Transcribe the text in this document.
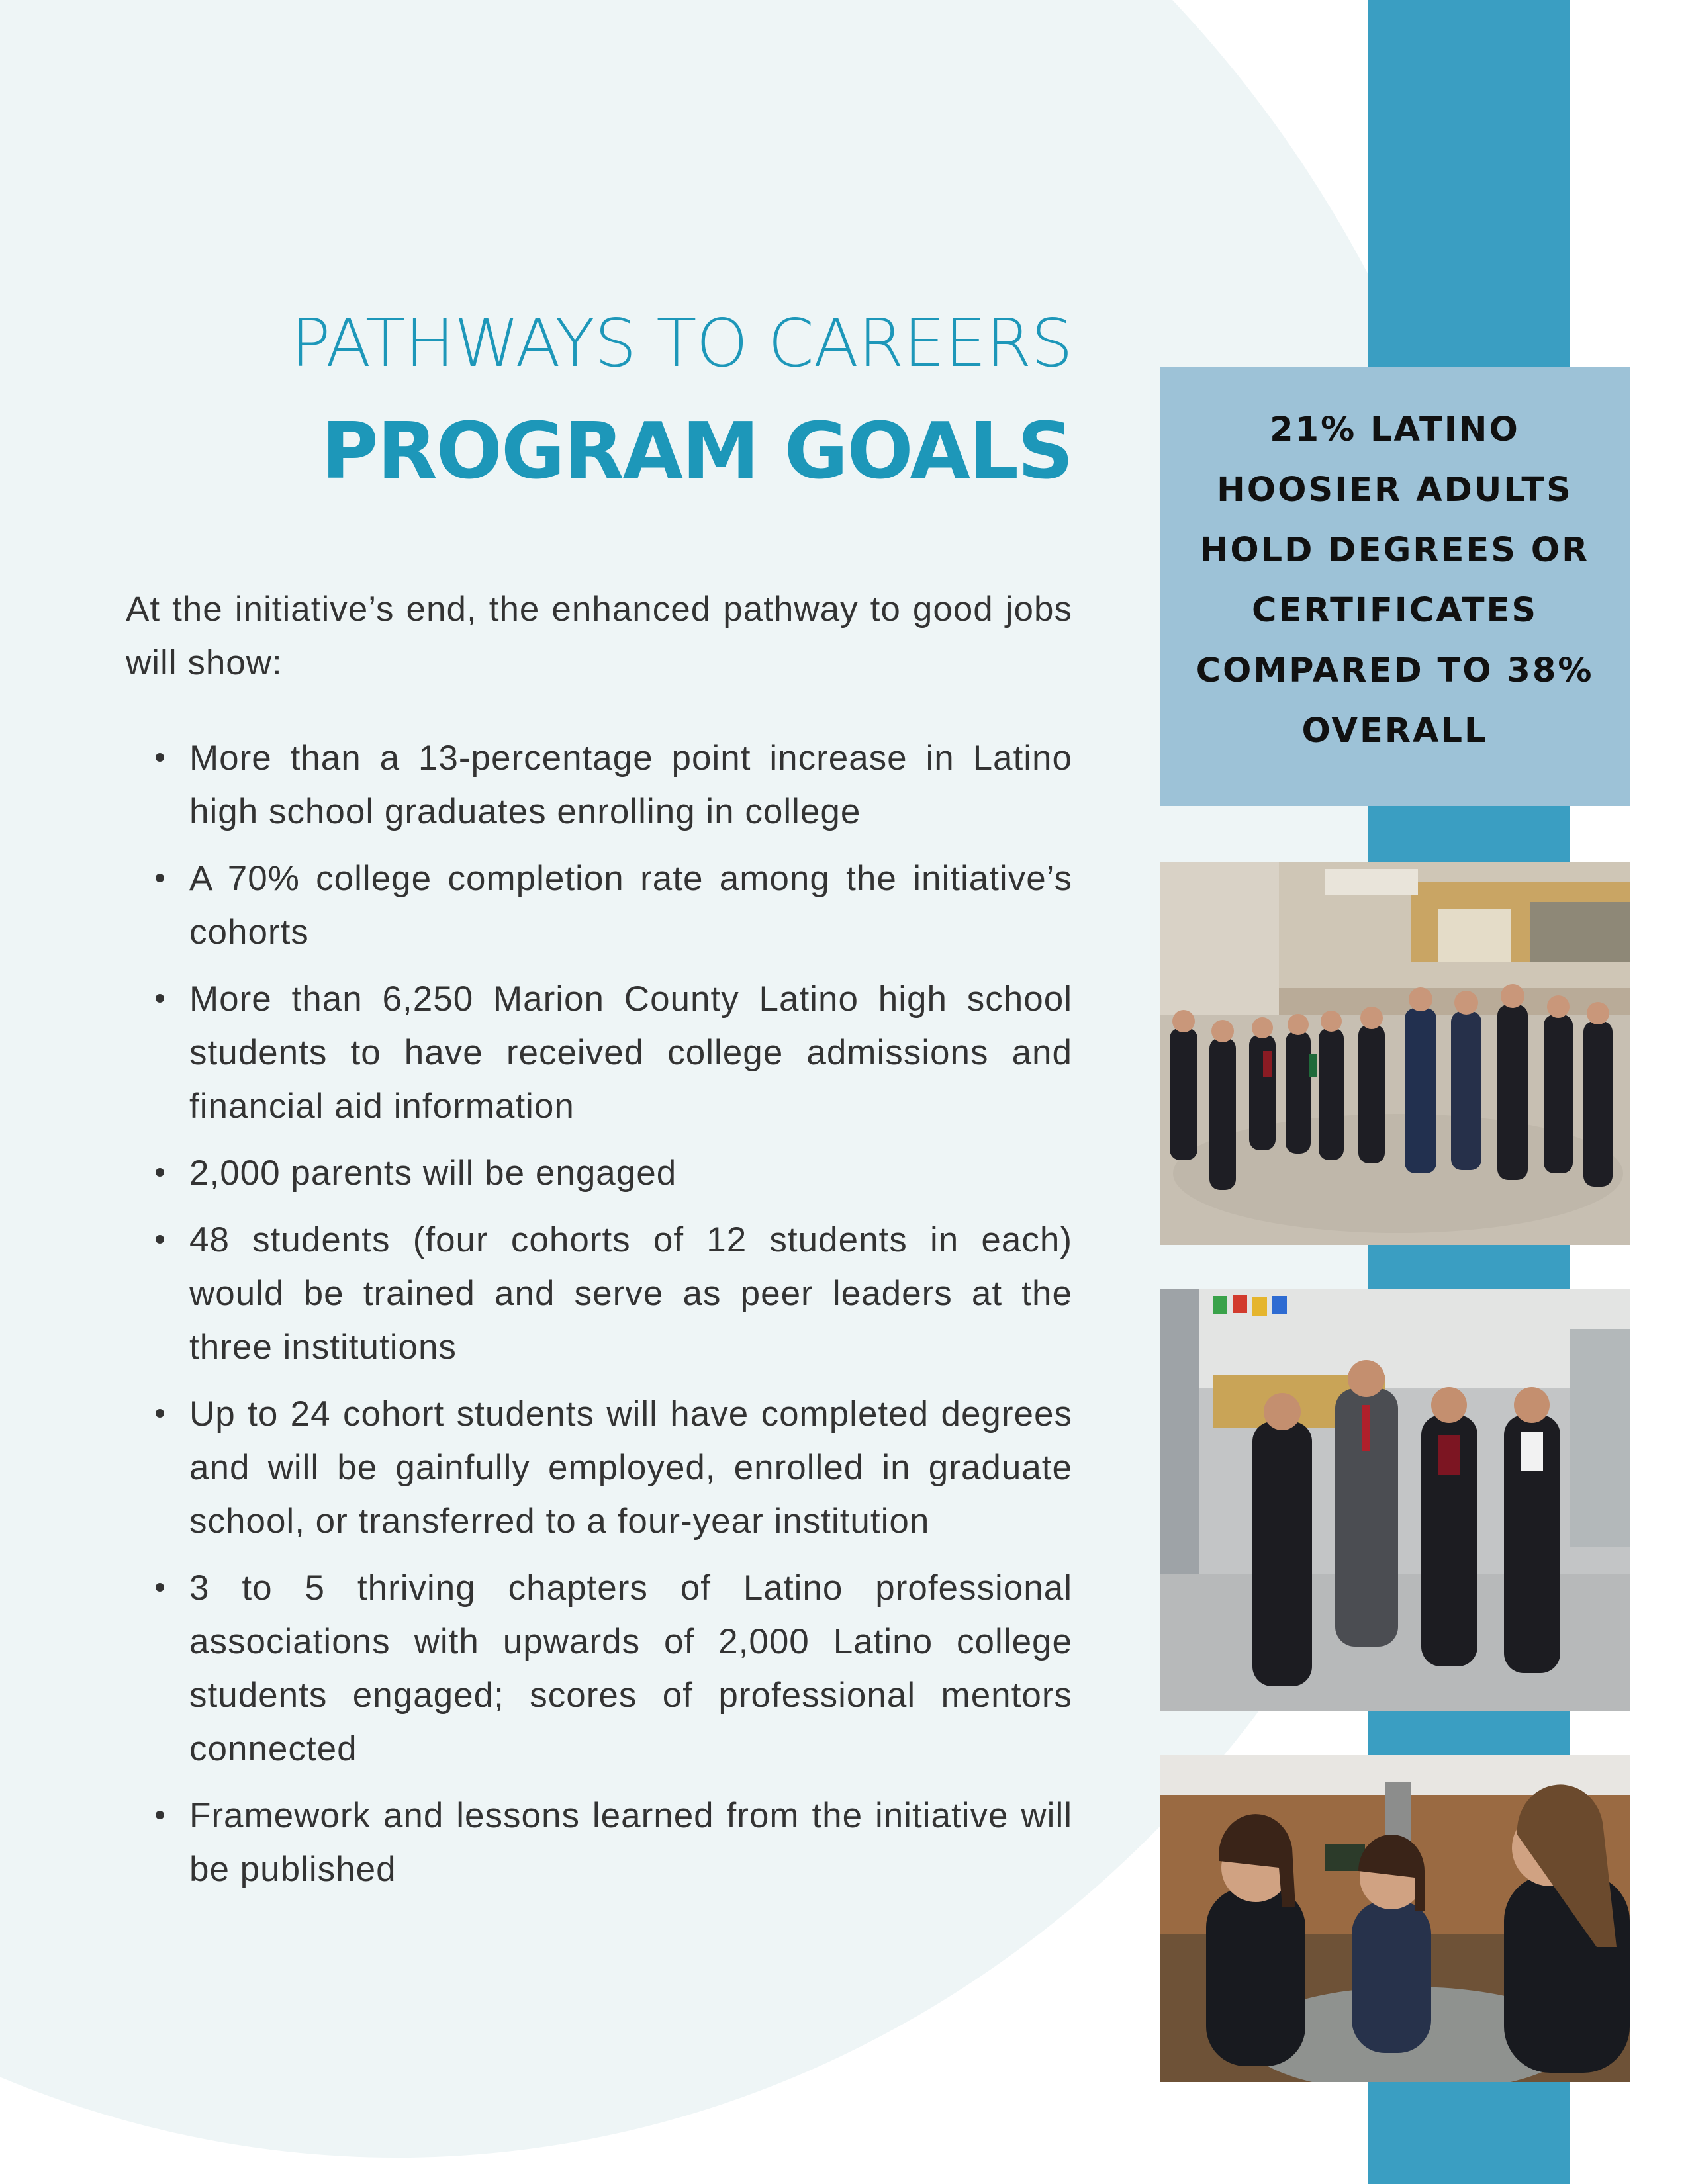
PATHWAYS TO CAREERS
PROGRAM GOALS

At the initiative’s end, the enhanced pathway to good jobs will show:

More than a 13-percentage point increase in Latino high school graduates enrolling in college
A 70% college completion rate among the initiative’s cohorts
More than 6,250 Marion County Latino high school students to have received college admissions and financial aid information
2,000 parents will be engaged
48 students (four cohorts of 12 students in each) would be trained and serve as peer leaders at the three institutions
Up to 24 cohort students will have completed degrees and will be gainfully employed, enrolled in graduate school, or transferred to a four-year institution
3 to 5 thriving chapters of Latino professional associations with upwards of 2,000 Latino college students engaged; scores of professional mentors connected
Framework and lessons learned from the initiative will be published

21% LATINO HOOSIER ADULTS HOLD DEGREES OR CERTIFICATES COMPARED TO 38% OVERALL
